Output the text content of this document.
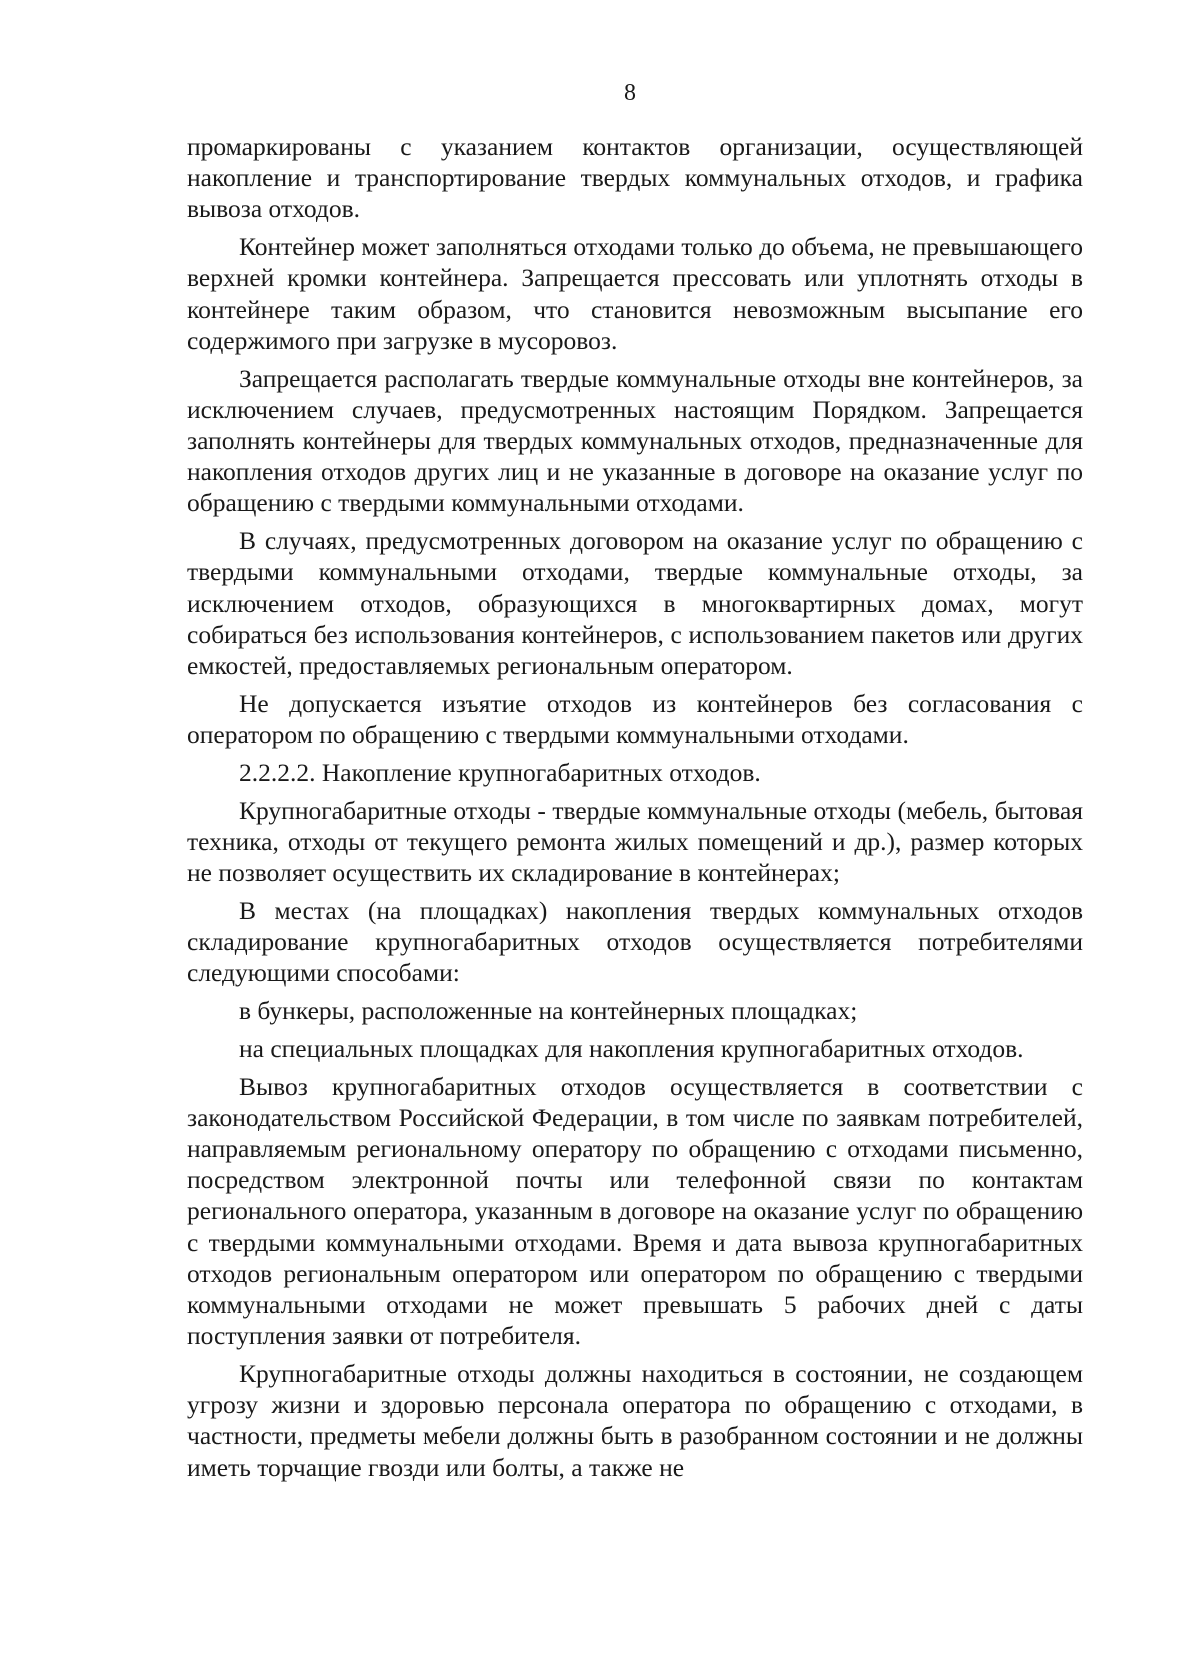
8

промаркированы с указанием контактов организации, осуществляющей накопление и транспортирование твердых коммунальных отходов, и графика вывоза отходов.

Контейнер может заполняться отходами только до объема, не превышающего верхней кромки контейнера. Запрещается прессовать или уплотнять отходы в контейнере таким образом, что становится невозможным высыпание его содержимого при загрузке в мусоровоз.

Запрещается располагать твердые коммунальные отходы вне контейнеров, за исключением случаев, предусмотренных настоящим Порядком. Запрещается заполнять контейнеры для твердых коммунальных отходов, предназначенные для накопления отходов других лиц и не указанные в договоре на оказание услуг по обращению с твердыми коммунальными отходами.

В случаях, предусмотренных договором на оказание услуг по обращению с твердыми коммунальными отходами, твердые коммунальные отходы, за исключением отходов, образующихся в многоквартирных домах, могут собираться без использования контейнеров, с использованием пакетов или других емкостей, предоставляемых региональным оператором.

Не допускается изъятие отходов из контейнеров без согласования с оператором по обращению с твердыми коммунальными отходами.

2.2.2.2. Накопление крупногабаритных отходов.

Крупногабаритные отходы - твердые коммунальные отходы (мебель, бытовая техника, отходы от текущего ремонта жилых помещений и др.), размер которых не позволяет осуществить их складирование в контейнерах;

В местах (на площадках) накопления твердых коммунальных отходов складирование крупногабаритных отходов осуществляется потребителями следующими способами:

в бункеры, расположенные на контейнерных площадках;

на специальных площадках для накопления крупногабаритных отходов.

Вывоз крупногабаритных отходов осуществляется в соответствии с законодательством Российской Федерации, в том числе по заявкам потребителей, направляемым региональному оператору по обращению с отходами письменно, посредством электронной почты или телефонной связи по контактам регионального оператора, указанным в договоре на оказание услуг по обращению с твердыми коммунальными отходами. Время и дата вывоза крупногабаритных отходов региональным оператором или оператором по обращению с твердыми коммунальными отходами не может превышать 5 рабочих дней с даты поступления заявки от потребителя.

Крупногабаритные отходы должны находиться в состоянии, не создающем угрозу жизни и здоровью персонала оператора по обращению с отходами, в частности, предметы мебели должны быть в разобранном состоянии и не должны иметь торчащие гвозди или болты, а также не
